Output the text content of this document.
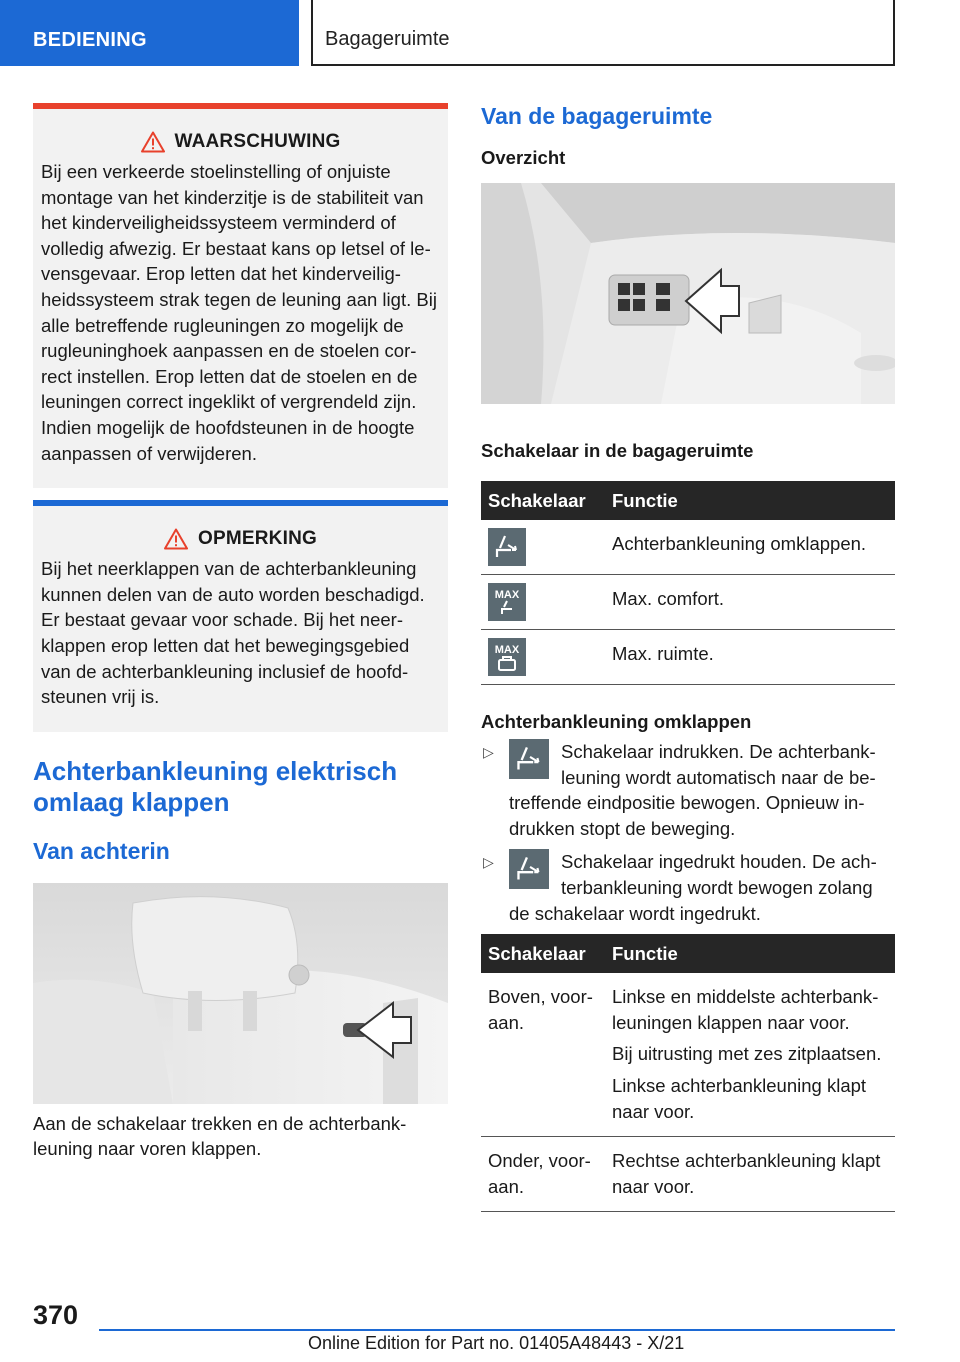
BEDIENING	Bagageruimte
WAARSCHUWING

Bij een verkeerde stoelinstelling of onjuiste montage van het kinderzitje is de stabiliteit van het kinderveiligheidssysteem verminderd of volledig afwezig. Er bestaat kans op letsel of levensgevaar. Erop letten dat het kinderveiligheidssysteem strak tegen de leuning aan ligt. Bij alle betreffende rugleuningen zo mogelijk de rugleuninghoek aanpassen en de stoelen correct instellen. Erop letten dat de stoelen en de leuningen correct ingeklikt of vergrendeld zijn. Indien mogelijk de hoofdsteunen in de hoogte aanpassen of verwijderen.

OPMERKING

Bij het neerklappen van de achterbankleuning kunnen delen van de auto worden beschadigd. Er bestaat gevaar voor schade. Bij het neerklappen erop letten dat het bewegingsgebied van de achterbankleuning inclusief de hoofdsteunen vrij is.

Achterbankleuning elektrisch omlaag klappen
Van achterin

Aan de schakelaar trekken en de achterbankleuning naar voren klappen.

Van de bagageruimte

Overzicht

Schakelaar in de bagageruimte

Schakelaar	Functie

	Achterbankleuning omklappen.

MAX	Max. comfort.

MAX	Max. ruimte.

Achterbankleuning omklappen

▷	Schakelaar indrukken. De achterbankleuning wordt automatisch naar de betreffende eindpositie bewogen. Opnieuw indrukken stopt de beweging.
▷	Schakelaar ingedrukt houden. De achterbankleuning wordt bewogen zolang de schakelaar wordt ingedrukt.
Schakelaar	Functie
Boven, vooraan.	Linkse en middelste achterbankleuningen klappen naar voor.

Bij uitrusting met zes zitplaatsen.

Linkse achterbankleuning klapt naar voor.

Onder, vooraan.	Rechtse achterbankleuning klapt naar voor.
370
Online Edition for Part no. 01405A48443 - X/21
